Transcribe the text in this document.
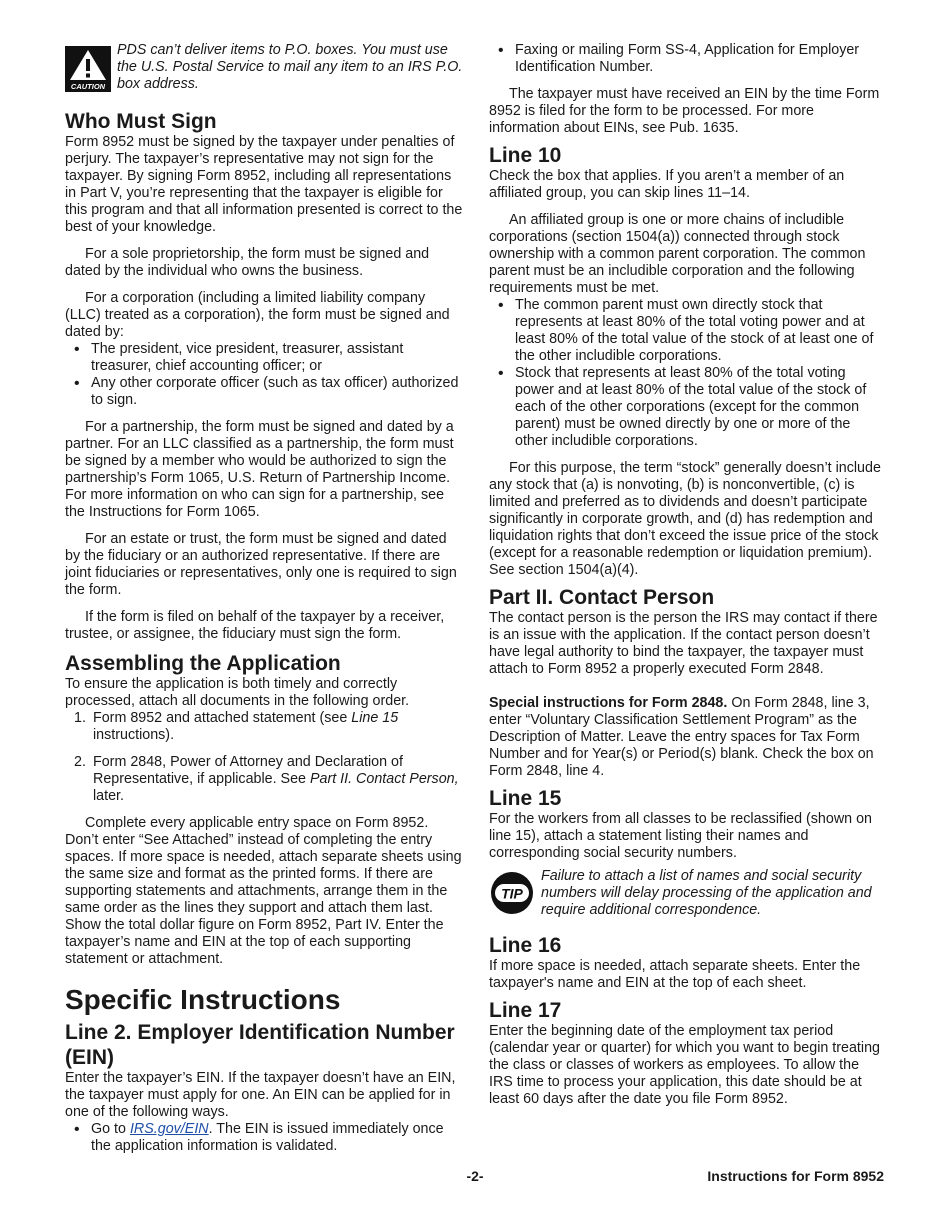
CAUTION

PDS can’t deliver items to P.O. boxes. You must use the U.S. Postal Service to mail any item to an IRS P.O. box address.

Who Must Sign

Form 8952 must be signed by the taxpayer under penalties of perjury. The taxpayer’s representative may not sign for the taxpayer. By signing Form 8952, including all representations in Part V, you’re representing that the taxpayer is eligible for this program and that all information presented is correct to the best of your knowledge.

For a sole proprietorship, the form must be signed and dated by the individual who owns the business.

For a corporation (including a limited liability company (LLC) treated as a corporation), the form must be signed and dated by:

• The president, vice president, treasurer, assistant treasurer, chief accounting officer; or
• Any other corporate officer (such as tax officer) authorized to sign.

For a partnership, the form must be signed and dated by a partner. For an LLC classified as a partnership, the form must be signed by a member who would be authorized to sign the partnership’s Form 1065, U.S. Return of Partnership Income. For more information on who can sign for a partnership, see the Instructions for Form 1065.

For an estate or trust, the form must be signed and dated by the fiduciary or an authorized representative. If there are joint fiduciaries or representatives, only one is required to sign the form.

If the form is filed on behalf of the taxpayer by a receiver, trustee, or assignee, the fiduciary must sign the form.

Assembling the Application

To ensure the application is both timely and correctly processed, attach all documents in the following order.

1. Form 8952 and attached statement (see Line 15 instructions).
2. Form 2848, Power of Attorney and Declaration of Representative, if applicable. See Part II. Contact Person, later.

Complete every applicable entry space on Form 8952. Don’t enter “See Attached” instead of completing the entry spaces. If more space is needed, attach separate sheets using the same size and format as the printed forms. If there are supporting statements and attachments, arrange them in the same order as the lines they support and attach them last. Show the total dollar figure on Form 8952, Part IV. Enter the taxpayer’s name and EIN at the top of each supporting statement or attachment.

Specific Instructions
Line 2. Employer Identification Number (EIN)

Enter the taxpayer’s EIN. If the taxpayer doesn’t have an EIN, the taxpayer must apply for one. An EIN can be applied for in one of the following ways.

• Go to IRS.gov/EIN. The EIN is issued immediately once the application information is validated.
• Faxing or mailing Form SS-4, Application for Employer Identification Number.

The taxpayer must have received an EIN by the time Form 8952 is filed for the form to be processed. For more information about EINs, see Pub. 1635.

Line 10

Check the box that applies. If you aren’t a member of an affiliated group, you can skip lines 11–14.

An affiliated group is one or more chains of includible corporations (section 1504(a)) connected through stock ownership with a common parent corporation. The common parent must be an includible corporation and the following requirements must be met.

• The common parent must own directly stock that represents at least 80% of the total voting power and at least 80% of the total value of the stock of at least one of the other includible corporations.
• Stock that represents at least 80% of the total voting power and at least 80% of the total value of the stock of each of the other corporations (except for the common parent) must be owned directly by one or more of the other includible corporations.

For this purpose, the term “stock” generally doesn’t include any stock that (a) is nonvoting, (b) is nonconvertible, (c) is limited and preferred as to dividends and doesn’t participate significantly in corporate growth, and (d) has redemption and liquidation rights that don’t exceed the issue price of the stock (except for a reasonable redemption or liquidation premium). See section 1504(a)(4).

Part II. Contact Person

The contact person is the person the IRS may contact if there is an issue with the application. If the contact person doesn’t have legal authority to bind the taxpayer, the taxpayer must attach to Form 8952 a properly executed Form 2848.

Special instructions for Form 2848. On Form 2848, line 3, enter “Voluntary Classification Settlement Program” as the Description of Matter. Leave the entry spaces for Tax Form Number and for Year(s) or Period(s) blank. Check the box on Form 2848, line 4.

Line 15

For the workers from all classes to be reclassified (shown on line 15), attach a statement listing their names and corresponding social security numbers.

TIP

Failure to attach a list of names and social security numbers will delay processing of the application and require additional correspondence.

Line 16

If more space is needed, attach separate sheets. Enter the taxpayer's name and EIN at the top of each sheet.

Line 17

Enter the beginning date of the employment tax period (calendar year or quarter) for which you want to begin treating the class or classes of workers as employees. To allow the IRS time to process your application, this date should be at least 60 days after the date you file Form 8952.

-2-	Instructions for Form 8952
